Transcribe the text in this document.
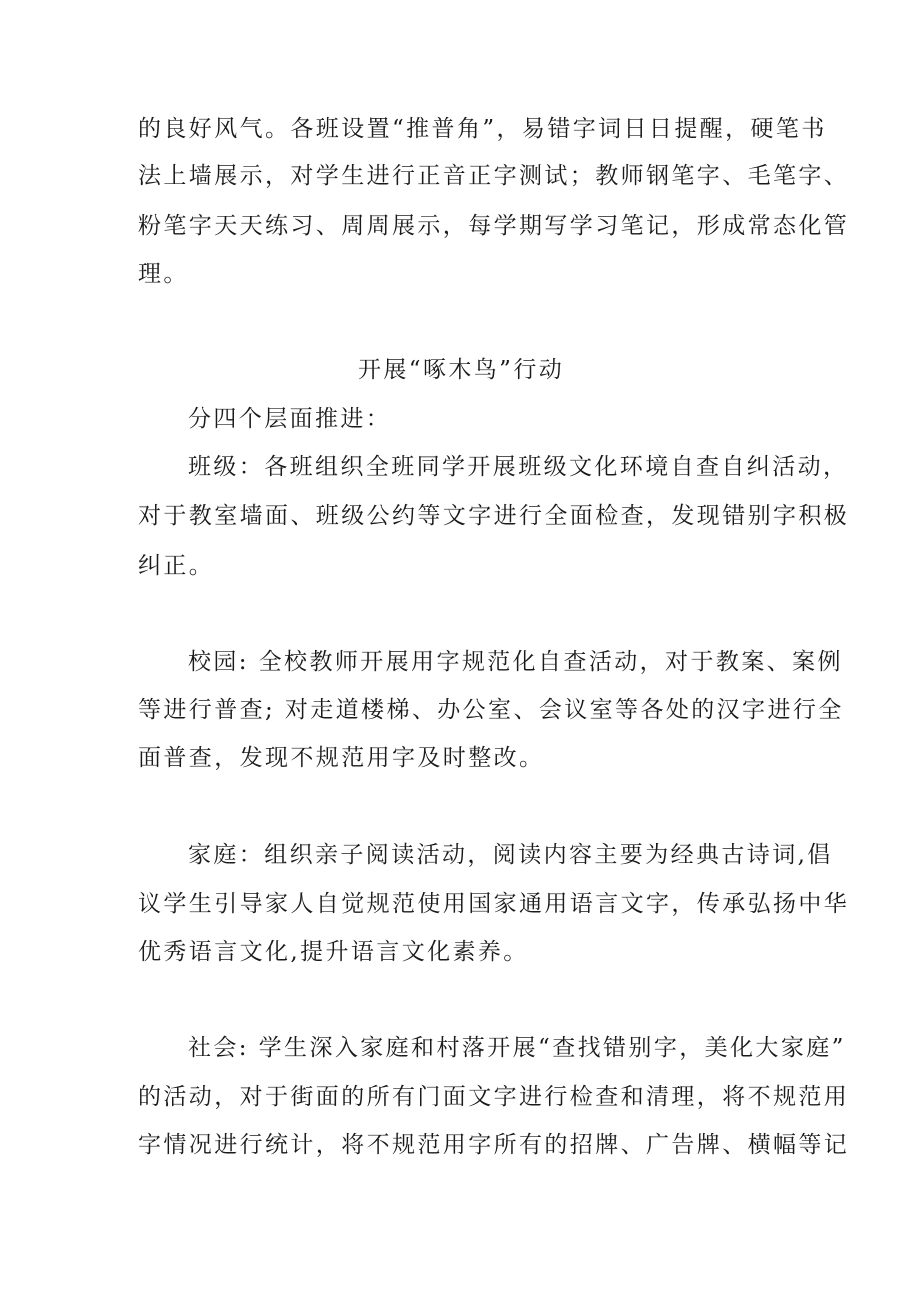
的良好风气。各班设置“推普角”，易错字词日日提醒，硬笔书
法上墙展示，对学生进行正音正字测试；教师钢笔字、毛笔字、
粉笔字天天练习、周周展示，每学期写学习笔记，形成常态化管
理。
开展“啄木鸟”行动
分四个层面推进：
班级：各班组织全班同学开展班级文化环境自查自纠活动，
对于教室墙面、班级公约等文字进行全面检查，发现错别字积极
纠正。
校园: 全校教师开展用字规范化自查活动，对于教案、案例
等进行普查; 对走道楼梯、办公室、会议室等各处的汉字进行全
面普查，发现不规范用字及时整改。
家庭：组织亲子阅读活动，阅读内容主要为经典古诗词,倡
议学生引导家人自觉规范使用国家通用语言文字，传承弘扬中华
优秀语言文化,提升语言文化素养。
社会: 学生深入家庭和村落开展“查找错别字，美化大家庭”
的活动，对于街面的所有门面文字进行检查和清理，将不规范用
字情况进行统计，将不规范用字所有的招牌、广告牌、横幅等记
